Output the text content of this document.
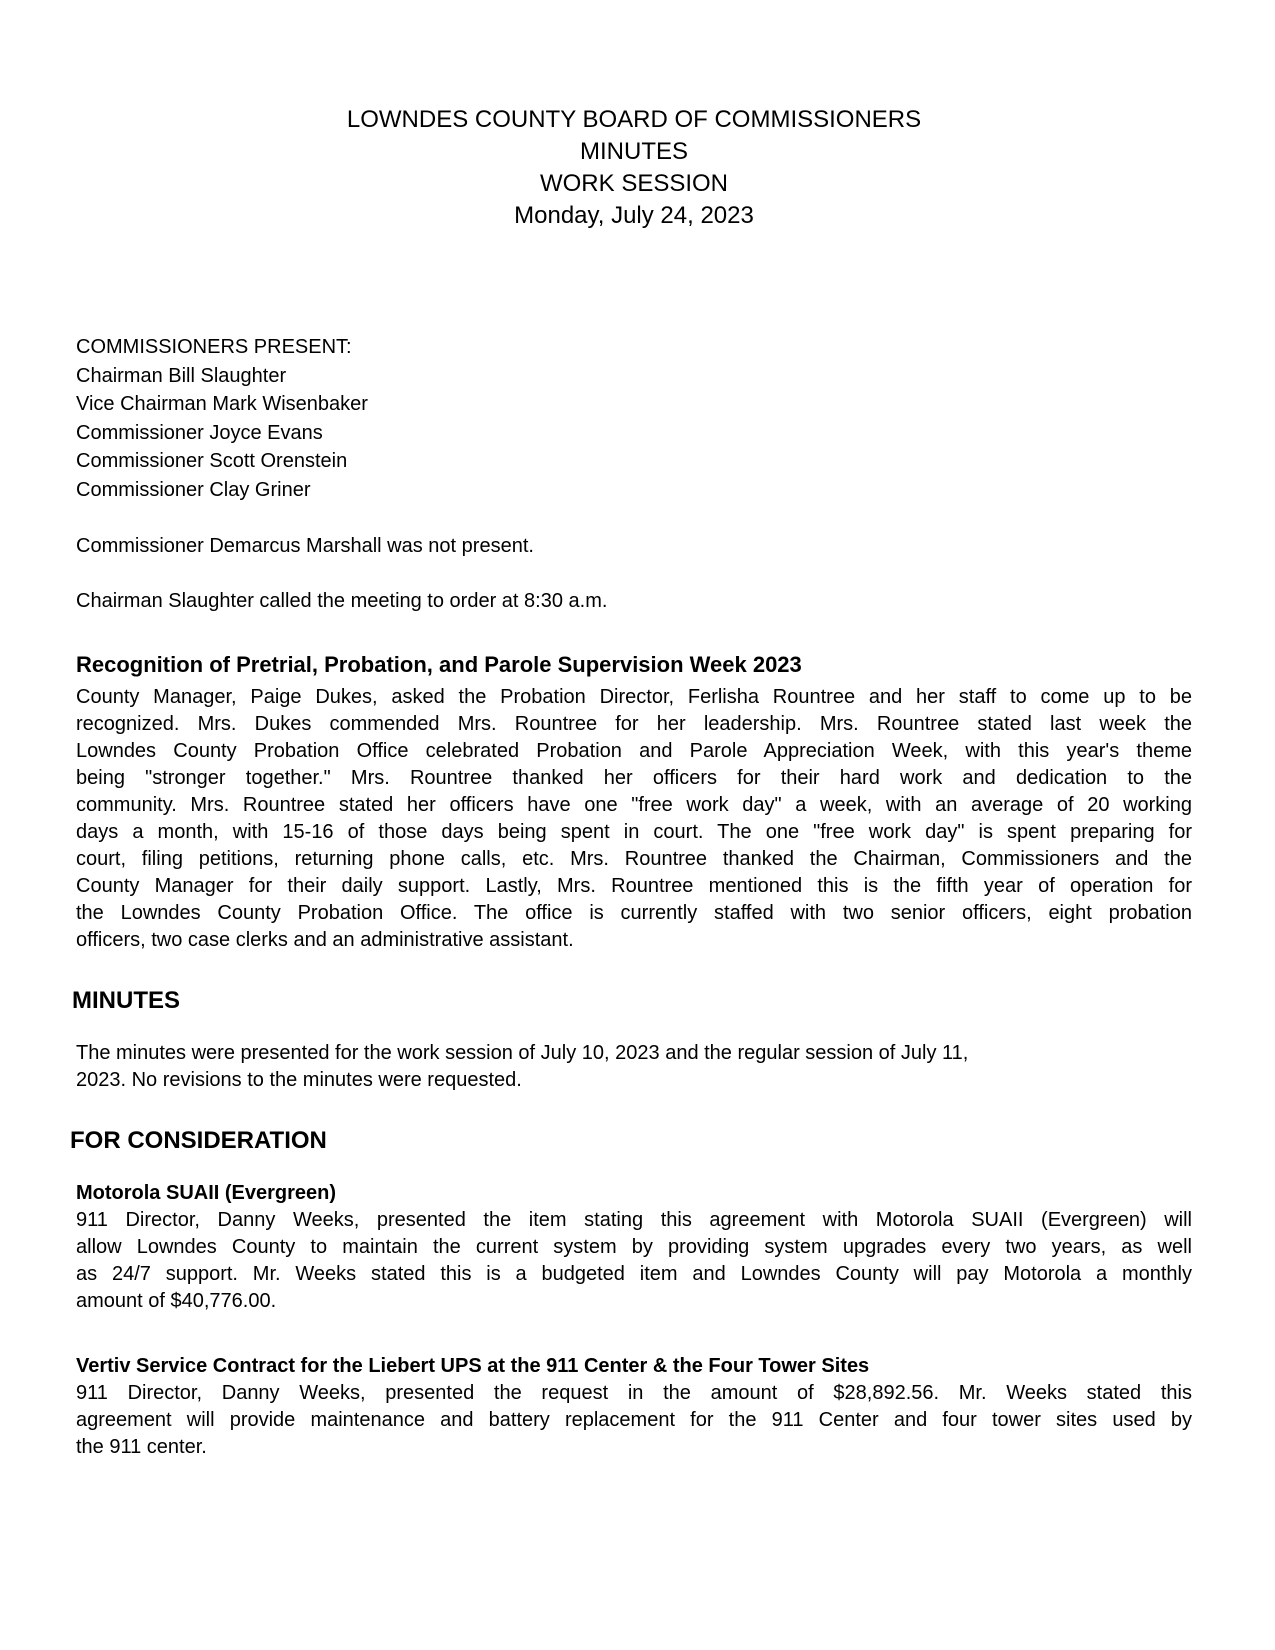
LOWNDES COUNTY BOARD OF COMMISSIONERS
MINUTES
WORK SESSION
Monday, July 24, 2023
COMMISSIONERS PRESENT:
Chairman Bill Slaughter
Vice Chairman Mark Wisenbaker
Commissioner Joyce Evans
Commissioner Scott Orenstein
Commissioner Clay Griner

Commissioner Demarcus Marshall was not present.

Chairman Slaughter called the meeting to order at 8:30 a.m.

Recognition of Pretrial, Probation, and Parole Supervision Week 2023
County Manager, Paige Dukes, asked the Probation Director, Ferlisha Rountree and her staff to come up to be
recognized. Mrs. Dukes commended Mrs. Rountree for her leadership. Mrs. Rountree stated last week the
Lowndes County Probation Office celebrated Probation and Parole Appreciation Week, with this year's theme
being "stronger together." Mrs. Rountree thanked her officers for their hard work and dedication to the
community. Mrs. Rountree stated her officers have one "free work day" a week, with an average of 20 working
days a month, with 15-16 of those days being spent in court. The one "free work day" is spent preparing for
court, filing petitions, returning phone calls, etc. Mrs. Rountree thanked the Chairman, Commissioners and the
County Manager for their daily support. Lastly, Mrs. Rountree mentioned this is the fifth year of operation for
the Lowndes County Probation Office. The office is currently staffed with two senior officers, eight probation
officers, two case clerks and an administrative assistant.
MINUTES
The minutes were presented for the work session of July 10, 2023 and the regular session of July 11,
2023. No revisions to the minutes were requested.
FOR CONSIDERATION
Motorola SUAII (Evergreen)
911 Director, Danny Weeks, presented the item stating this agreement with Motorola SUAII (Evergreen) will
allow Lowndes County to maintain the current system by providing system upgrades every two years, as well
as 24/7 support. Mr. Weeks stated this is a budgeted item and Lowndes County will pay Motorola a monthly
amount of $40,776.00.
Vertiv Service Contract for the Liebert UPS at the 911 Center & the Four Tower Sites
911 Director, Danny Weeks, presented the request in the amount of $28,892.56. Mr. Weeks stated this
agreement will provide maintenance and battery replacement for the 911 Center and four tower sites used by
the 911 center.
